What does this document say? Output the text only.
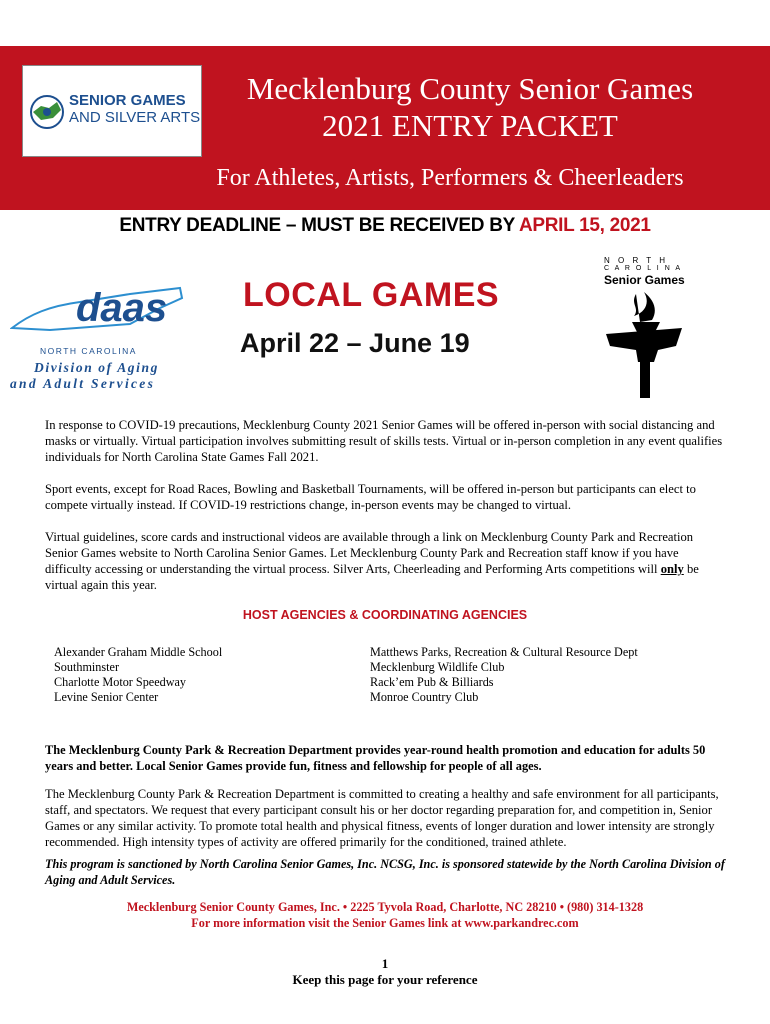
SENIOR GAMES
AND SILVER ARTS
Mecklenburg County Senior Games
2021 ENTRY PACKET
For Athletes, Artists, Performers & Cheerleaders
ENTRY DEADLINE – MUST BE RECEIVED BY APRIL 15, 2021
daas
NORTH CAROLINA
Division of Aging
and Adult Services
LOCAL GAMES
April 22 – June 19
N O R T H
C A R O L I N A
Senior Games
In response to COVID-19 precautions, Mecklenburg County 2021 Senior Games will be offered in-person with social distancing and masks or virtually. Virtual participation involves submitting result of skills tests. Virtual or in-person completion in any event qualifies individuals for North Carolina State Games Fall 2021.
Sport events, except for Road Races, Bowling and Basketball Tournaments, will be offered in-person but participants can elect to compete virtually instead. If COVID-19 restrictions change, in-person events may be changed to virtual.
Virtual guidelines, score cards and instructional videos are available through a link on Mecklenburg County Park and Recreation Senior Games website to North Carolina Senior Games. Let Mecklenburg County Park and Recreation staff know if you have difficulty accessing or understanding the virtual process. Silver Arts, Cheerleading and Performing Arts competitions will only be virtual again this year.
HOST AGENCIES & COORDINATING AGENCIES
Alexander Graham Middle School
Southminster
Charlotte Motor Speedway
Levine Senior Center
Matthews Parks, Recreation & Cultural Resource Dept
Mecklenburg Wildlife Club
Rack’em Pub & Billiards
Monroe Country Club
The Mecklenburg County Park & Recreation Department provides year-round health promotion and education for adults 50 years and better. Local Senior Games provide fun, fitness and fellowship for people of all ages.
The Mecklenburg County Park & Recreation Department is committed to creating a healthy and safe environment for all participants, staff, and spectators. We request that every participant consult his or her doctor regarding preparation for, and competition in, Senior Games or any similar activity. To promote total health and physical fitness, events of longer duration and lower intensity are strongly recommended. High intensity types of activity are offered primarily for the conditioned, trained athlete.
This program is sanctioned by North Carolina Senior Games, Inc. NCSG, Inc. is sponsored statewide by the North Carolina Division of Aging and Adult Services.
Mecklenburg Senior County Games, Inc. • 2225 Tyvola Road, Charlotte, NC 28210 • (980) 314-1328
For more information visit the Senior Games link at www.parkandrec.com
1
Keep this page for your reference
